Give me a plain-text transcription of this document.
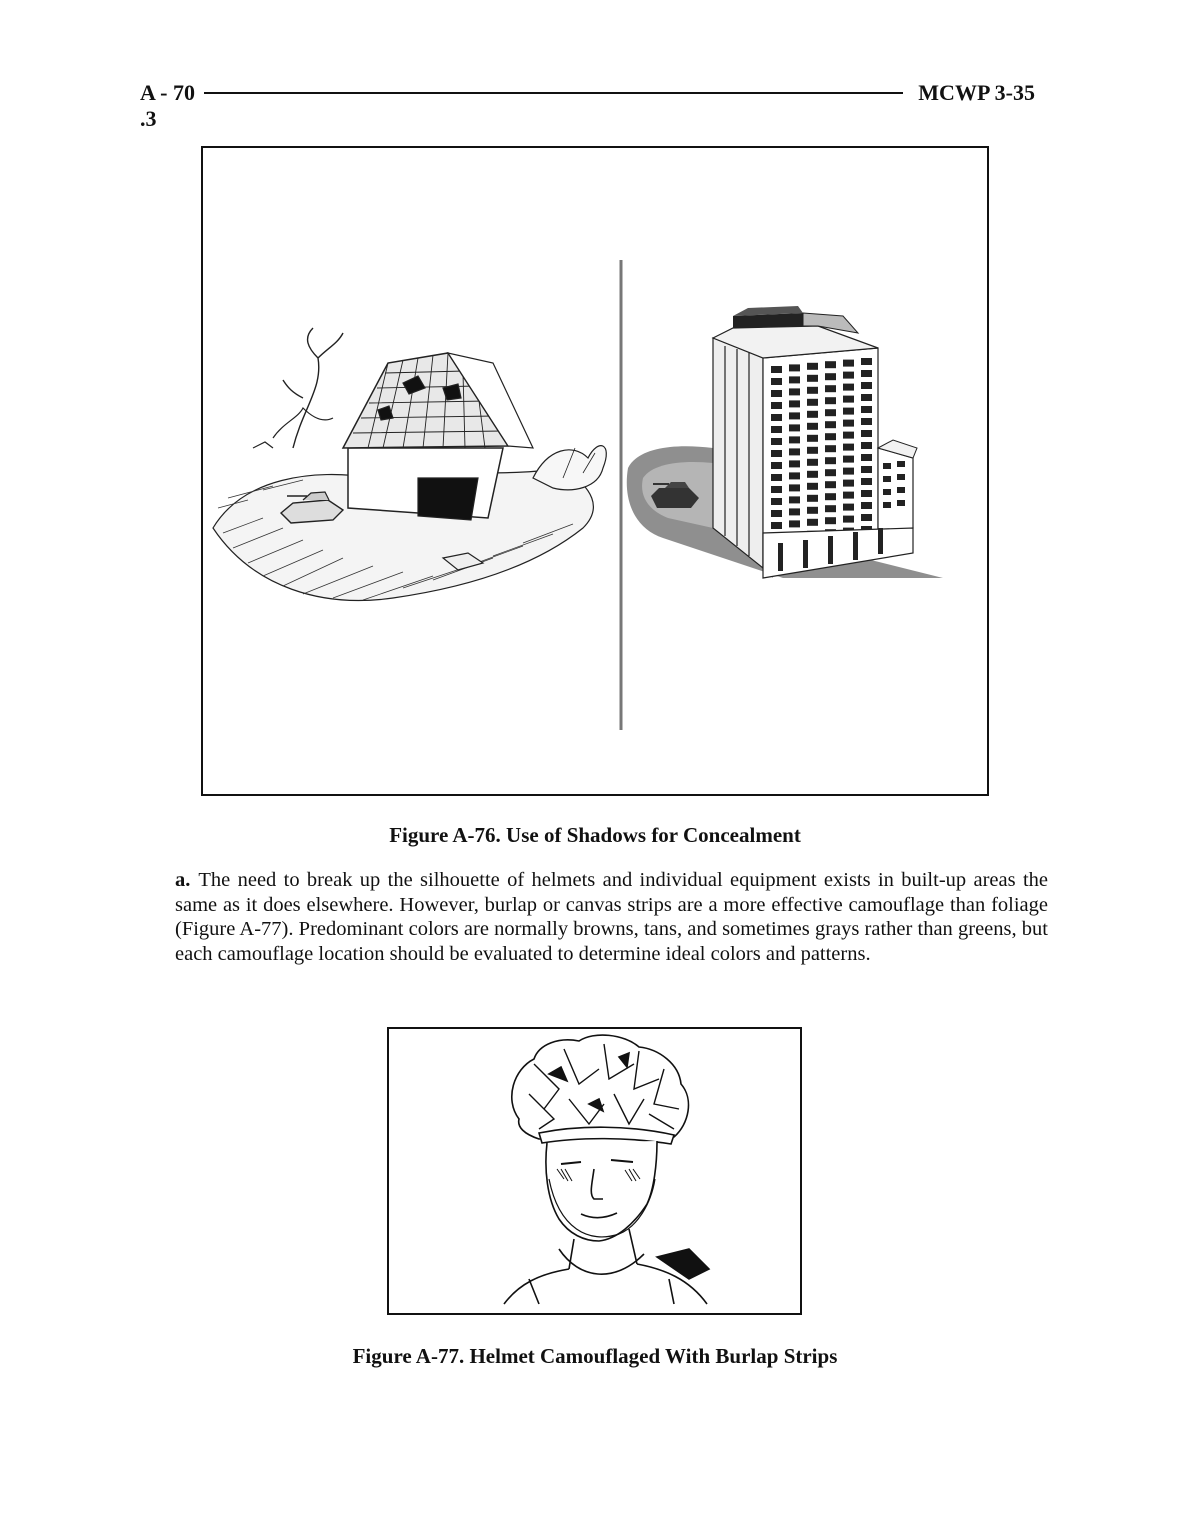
A - 70	MCWP 3-35
.3
Figure A-76. Use of Shadows for Concealment
a. The need to break up the silhouette of helmets and individual equipment exists in built-up areas the same as it does elsewhere. However, burlap or canvas strips are a more effective camouflage than foliage (Figure A-77). Predominant colors are normally browns, tans, and sometimes grays rather than greens, but each camouflage location should be evaluated to determine ideal colors and patterns.
Figure A-77. Helmet Camouflaged With Burlap Strips
